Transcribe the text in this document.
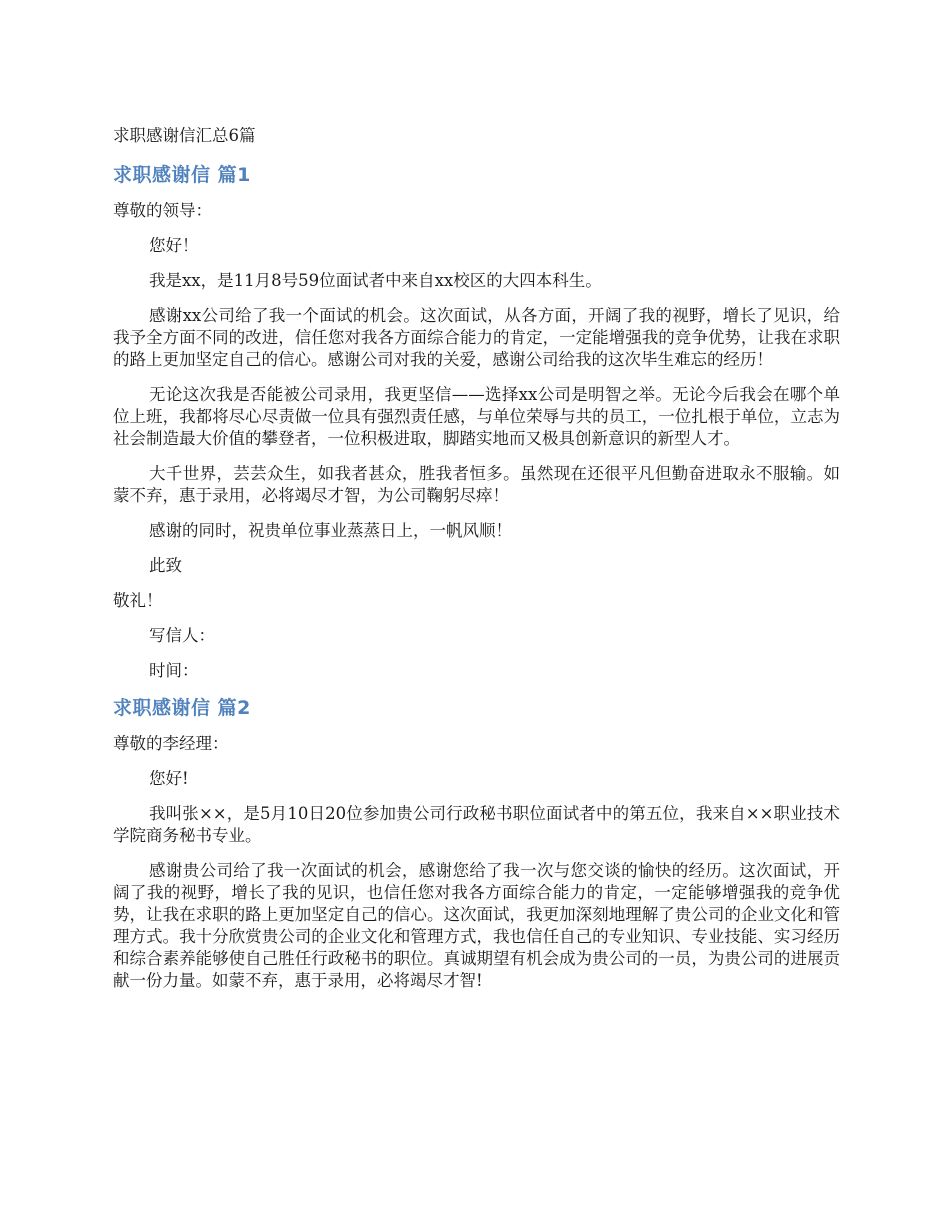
求职感谢信汇总6篇
求职感谢信 篇1

尊敬的领导：

您好！

我是xx，是11月8号59位面试者中来自xx校区的大四本科生。

感谢xx公司给了我一个面试的机会。这次面试，从各方面，开阔了我的视野，增长了见识，给我予全方面不同的改进，信任您对我各方面综合能力的肯定，一定能增强我的竞争优势，让我在求职的路上更加坚定自己的信心。感谢公司对我的关爱，感谢公司给我的这次毕生难忘的经历！

无论这次我是否能被公司录用，我更坚信——选择xx公司是明智之举。无论今后我会在哪个单位上班，我都将尽心尽责做一位具有强烈责任感，与单位荣辱与共的员工，一位扎根于单位，立志为社会制造最大价值的攀登者，一位积极进取，脚踏实地而又极具创新意识的新型人才。

大千世界，芸芸众生，如我者甚众，胜我者恒多。虽然现在还很平凡但勤奋进取永不服输。如蒙不弃，惠于录用，必将竭尽才智，为公司鞠躬尽瘁！

感谢的同时，祝贵单位事业蒸蒸日上，一帆风顺！

此致

敬礼！

写信人：

时间：

求职感谢信 篇2

尊敬的李经理：

您好!

我叫张××，是5月10日20位参加贵公司行政秘书职位面试者中的第五位，我来自××职业技术学院商务秘书专业。

感谢贵公司给了我一次面试的机会，感谢您给了我一次与您交谈的愉快的经历。这次面试，开阔了我的视野，增长了我的见识，也信任您对我各方面综合能力的肯定，一定能够增强我的竞争优势，让我在求职的路上更加坚定自己的信心。这次面试，我更加深刻地理解了贵公司的企业文化和管理方式。我十分欣赏贵公司的企业文化和管理方式，我也信任自己的专业知识、专业技能、实习经历和综合素养能够使自己胜任行政秘书的职位。真诚期望有机会成为贵公司的一员，为贵公司的进展贡献一份力量。如蒙不弃，惠于录用，必将竭尽才智!
